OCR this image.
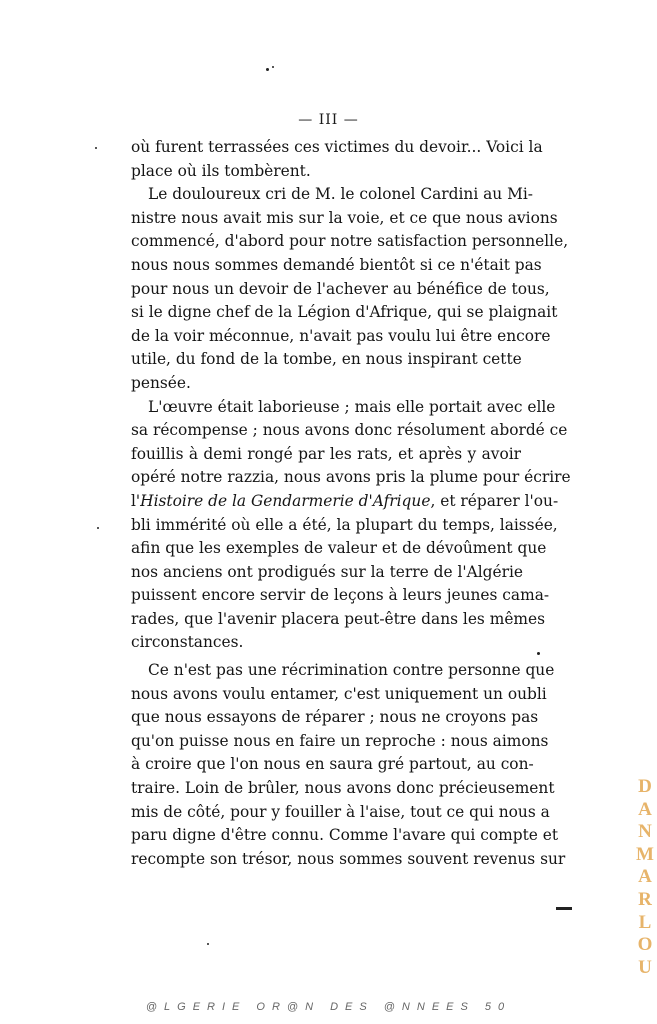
— III —
où furent terrassées ces victimes du devoir... Voici la
place où ils tombèrent.
Le douloureux cri de M. le colonel Cardini au Mi-
nistre nous avait mis sur la voie, et ce que nous avions
commencé, d'abord pour notre satisfaction personnelle,
nous nous sommes demandé bientôt si ce n'était pas
pour nous un devoir de l'achever au bénéfice de tous,
si le digne chef de la Légion d'Afrique, qui se plaignait
de la voir méconnue, n'avait pas voulu lui être encore
utile, du fond de la tombe, en nous inspirant cette
pensée.
L'œuvre était laborieuse ; mais elle portait avec elle
sa récompense ; nous avons donc résolument abordé ce
fouillis à demi rongé par les rats, et après y avoir
opéré notre razzia, nous avons pris la plume pour écrire
l'Histoire de la Gendarmerie d'Afrique, et réparer l'ou-
bli immérité où elle a été, la plupart du temps, laissée,
afin que les exemples de valeur et de dévoûment que
nos anciens ont prodigués sur la terre de l'Algérie
puissent encore servir de leçons à leurs jeunes cama-
rades, que l'avenir placera peut-être dans les mêmes
circonstances.
Ce n'est pas une récrimination contre personne que
nous avons voulu entamer, c'est uniquement un oubli
que nous essayons de réparer ; nous ne croyons pas
qu'on puisse nous en faire un reproche : nous aimons
à croire que l'on nous en saura gré partout, au con-
traire. Loin de brûler, nous avons donc précieusement
mis de côté, pour y fouiller à l'aise, tout ce qui nous a
paru digne d'être connu. Comme l'avare qui compte et
recompte son trésor, nous sommes souvent revenus sur
D
A
N
M
A
R
L
O
U
@LGERIE OR@N DES @NNEES 50
